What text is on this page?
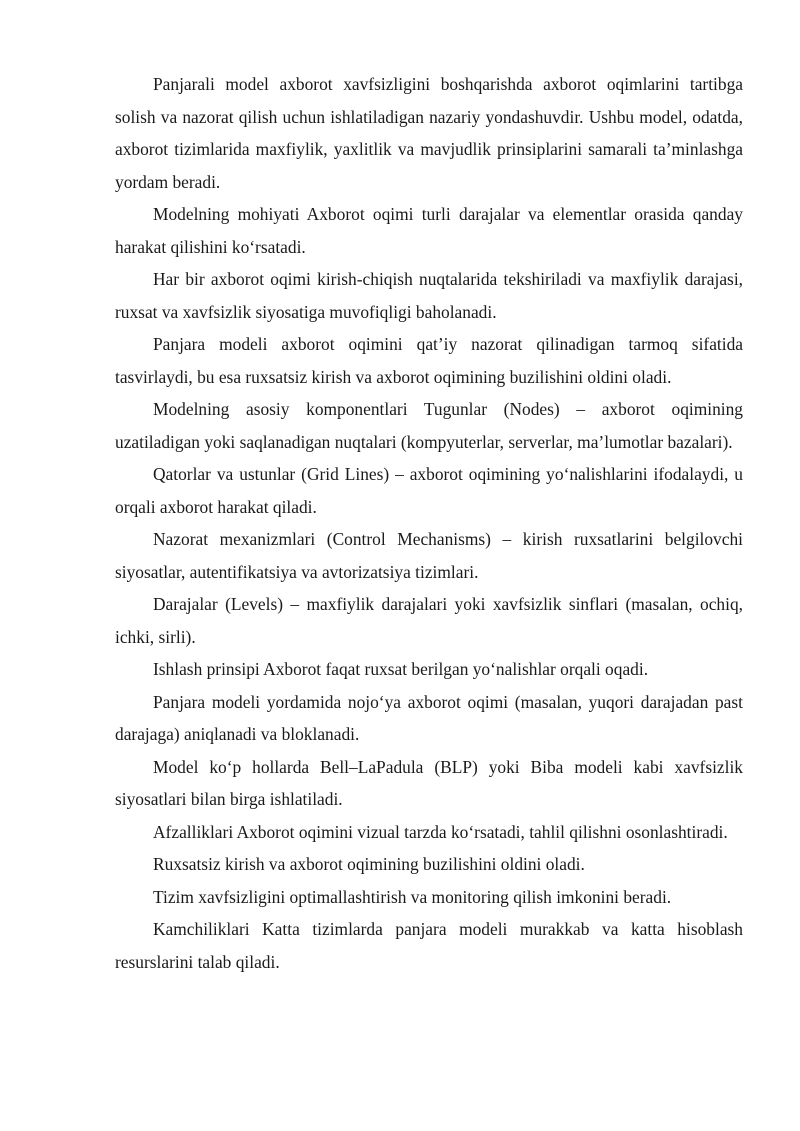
Panjarali model axborot xavfsizligini boshqarishda axborot oqimlarini tartibga solish va nazorat qilish uchun ishlatiladigan nazariy yondashuvdir. Ushbu model, odatda, axborot tizimlarida maxfiylik, yaxlitlik va mavjudlik prinsiplarini samarali ta’minlashga yordam beradi.

Modelning mohiyati Axborot oqimi turli darajalar va elementlar orasida qanday harakat qilishini ko‘rsatadi.

Har bir axborot oqimi kirish-chiqish nuqtalarida tekshiriladi va maxfiylik darajasi, ruxsat va xavfsizlik siyosatiga muvofiqligi baholanadi.

Panjara modeli axborot oqimini qat’iy nazorat qilinadigan tarmoq sifatida tasvirlaydi, bu esa ruxsatsiz kirish va axborot oqimining buzilishini oldini oladi.

Modelning asosiy komponentlari Tugunlar (Nodes) – axborot oqimining uzatiladigan yoki saqlanadigan nuqtalari (kompyuterlar, serverlar, ma’lumotlar bazalari).

Qatorlar va ustunlar (Grid Lines) – axborot oqimining yo‘nalishlarini ifodalaydi, u orqali axborot harakat qiladi.

Nazorat mexanizmlari (Control Mechanisms) – kirish ruxsatlarini belgilovchi siyosatlar, autentifikatsiya va avtorizatsiya tizimlari.

Darajalar (Levels) – maxfiylik darajalari yoki xavfsizlik sinflari (masalan, ochiq, ichki, sirli).

Ishlash prinsipi Axborot faqat ruxsat berilgan yo‘nalishlar orqali oqadi.

Panjara modeli yordamida nojo‘ya axborot oqimi (masalan, yuqori darajadan past darajaga) aniqlanadi va bloklanadi.

Model ko‘p hollarda Bell–LaPadula (BLP) yoki Biba modeli kabi xavfsizlik siyosatlari bilan birga ishlatiladi.

Afzalliklari Axborot oqimini vizual tarzda ko‘rsatadi, tahlil qilishni osonlashtiradi.

Ruxsatsiz kirish va axborot oqimining buzilishini oldini oladi.

Tizim xavfsizligini optimallashtirish va monitoring qilish imkonini beradi.

Kamchiliklari Katta tizimlarda panjara modeli murakkab va katta hisoblash resurslarini talab qiladi.
